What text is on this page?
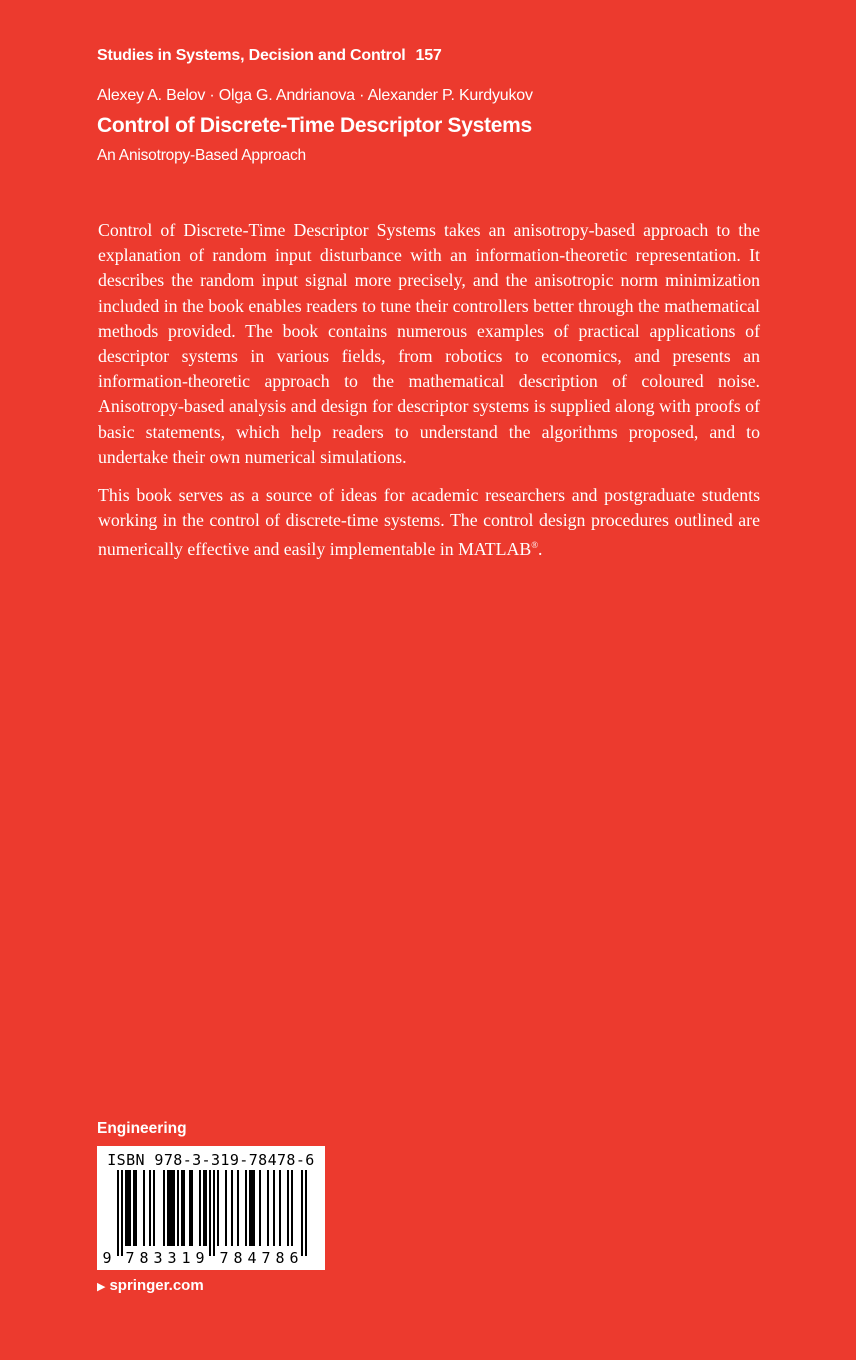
Studies in Systems, Decision and Control 157
Alexey A. Belov · Olga G. Andrianova · Alexander P. Kurdyukov
Control of Discrete-Time Descriptor Systems
An Anisotropy-Based Approach

Control of Discrete-Time Descriptor Systems takes an anisotropy-based approach to the explanation of random input disturbance with an information-theoretic representation. It describes the random input signal more precisely, and the anisotropic norm minimization included in the book enables readers to tune their controllers better through the mathematical methods provided. The book contains numerous examples of practical applications of descriptor systems in various fields, from robotics to economics, and presents an information-theoretic approach to the mathematical description of coloured noise. Anisotropy-based analysis and design for descriptor systems is supplied along with proofs of basic statements, which help readers to understand the algorithms proposed, and to undertake their own numerical simulations.

This book serves as a source of ideas for academic researchers and postgraduate students working in the control of discrete-time systems. The control design procedures outlined are numerically effective and easily implementable in MATLAB®.

Engineering
ISBN 978-3-319-78478-6
9 7 8 3 3 1 9 7 8 4 7 8 6
▶ springer.com
